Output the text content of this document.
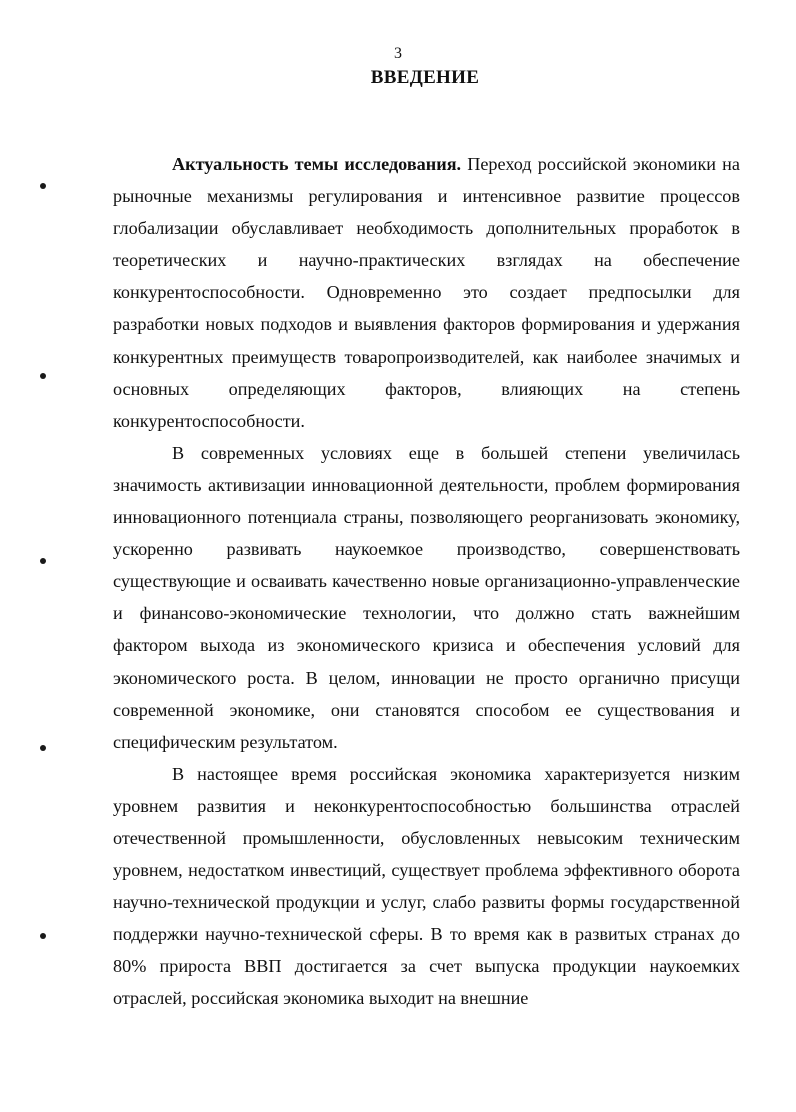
3
ВВЕДЕНИЕ

Актуальность темы исследования. Переход российской экономики на рыночные механизмы регулирования и интенсивное развитие процессов глобализации обуславливает необходимость дополнительных проработок в теоретических и научно-практических взглядах на обеспечение конкурентоспособности. Одновременно это создает предпосылки для разработки новых подходов и выявления факторов формирования и удержания конкурентных преимуществ товаропроизводителей, как наиболее значимых и основных определяющих факторов, влияющих на степень конкурентоспособности.

В современных условиях еще в большей степени увеличилась значимость активизации инновационной деятельности, проблем формирования инновационного потенциала страны, позволяющего реорганизовать экономику, ускоренно развивать наукоемкое производство, совершенствовать существующие и осваивать качественно новые организационно-управленческие и финансово-экономические технологии, что должно стать важнейшим фактором выхода из экономического кризиса и обеспечения условий для экономического роста. В целом, инновации не просто органично присущи современной экономике, они становятся способом ее существования и специфическим результатом.

В настоящее время российская экономика характеризуется низким уровнем развития и неконкурентоспособностью большинства отраслей отечественной промышленности, обусловленных невысоким техническим уровнем, недостатком инвестиций, существует проблема эффективного оборота научно-технической продукции и услуг, слабо развиты формы государственной поддержки научно-технической сферы. В то время как в развитых странах до 80% прироста ВВП достигается за счет выпуска продукции наукоемких отраслей, российская экономика выходит на внешние
